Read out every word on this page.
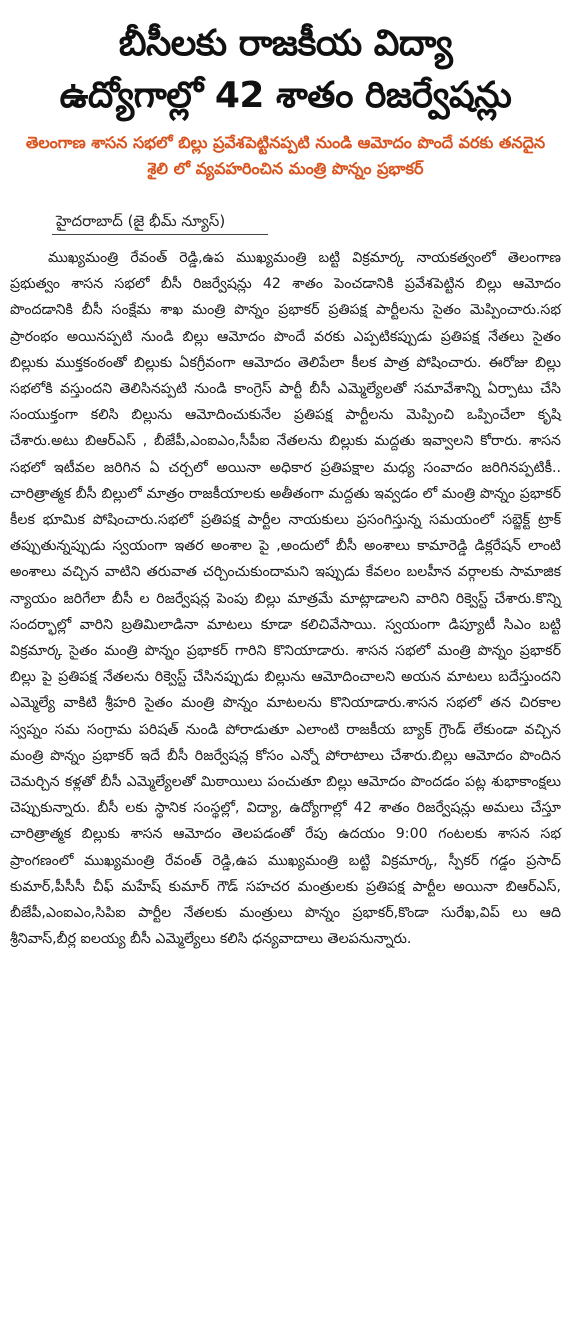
బీసీలకు రాజకీయ విద్యా
ఉద్యోగాల్లో 42 శాతం రిజర్వేషన్లు
తెలంగాణ శాసన సభలో బిల్లు ప్రవేశపెట్టినప్పటి నుండి ఆమోదం పొందే వరకు తనదైన శైలి లో వ్యవహరించిన మంత్రి పొన్నం ప్రభాకర్
హైదరాబాద్ (జై భీమ్ న్యూస్)

ముఖ్యమంత్రి రేవంత్ రెడ్డి,ఉప ముఖ్యమంత్రి బట్టి విక్రమార్క నాయకత్వంలో తెలంగాణ ప్రభుత్వం శాసన సభలో బీసీ రిజర్వేషన్లు 42 శాతం పెంచడానికి ప్రవేశపెట్టిన బిల్లు ఆమోదం పొందడానికి బీసీ సంక్షేమ శాఖ మంత్రి పొన్నం ప్రభాకర్ ప్రతిపక్ష పార్టీలను సైతం మెప్పించారు.సభ ప్రారంభం అయినప్పటి నుండి బిల్లు ఆమోదం పొందే వరకు ఎప్పటికప్పుడు ప్రతిపక్ష నేతలు సైతం బిల్లుకు ముక్తకంఠంతో బిల్లుకు ఏకగ్రీవంగా ఆమోదం తెలిపేలా కీలక పాత్ర పోషించారు. ఈరోజు బిల్లు సభలోకి వస్తుందని తెలిసినప్పటి నుండి కాంగ్రెస్ పార్టీ బీసీ ఎమ్మెల్యేలతో సమావేశాన్ని ఏర్పాటు చేసి సంయుక్తంగా కలిసి బిల్లును ఆమోదించుకునేల ప్రతిపక్ష పార్టీలను మెప్పించి ఒప్పించేలా కృషి చేశారు.అటు బిఆర్ఎస్ , బీజేపీ,ఎంఐఎం,సీపీఐ నేతలను బిల్లుకు మద్దతు ఇవ్వాలని కోరారు. శాసన సభలో ఇటీవల జరిగిన ఏ చర్చలో అయినా అధికార ప్రతిపక్షాల మధ్య సంవాదం జరిగినప్పటికీ.. చారిత్రాత్మక బీసీ బిల్లులో మాత్రం రాజకీయాలకు అతీతంగా మద్దతు ఇవ్వడం లో మంత్రి పొన్నం ప్రభాకర్ కీలక భూమిక పోషించారు.సభలో ప్రతిపక్ష పార్టీల నాయకులు ప్రసంగిస్తున్న సమయంలో సబ్జెక్ట్ ట్రాక్ తప్పుతున్నప్పుడు స్వయంగా ఇతర అంశాల పై ,అందులో బీసీ అంశాలు కామారెడ్డి డిక్లరేషన్ లాంటి అంశాలు వచ్చిన వాటిని తరువాత చర్చించుకుందామని ఇప్పుడు కేవలం బలహీన వర్గాలకు సామాజిక న్యాయం జరిగేలా బీసీ ల రిజర్వేషన్ల పెంపు బిల్లు మాత్రమే మాట్లాడాలని వారిని రిక్వెస్ట్ చేశారు.కొన్ని సందర్భాల్లో వారిని బ్రతిమిలాడినా మాటలు కూడా కలిచివేసాయి. స్వయంగా డిప్యూటీ సిఎం బట్టి విక్రమార్క సైతం మంత్రి పొన్నం ప్రభాకర్ గారిని కొనియాడారు. శాసన సభలో మంత్రి పొన్నం ప్రభాకర్ బిల్లు పై ప్రతిపక్ష నేతలను రిక్వెస్ట్ చేసినప్పుడు బిల్లును ఆమోదించాలని అయన మాటలు బదేస్తుందని ఎమ్మెల్యే వాకిటి శ్రీహరి సైతం మంత్రి పొన్నం మాటలను కొనియాడారు.శాసన సభలో తన చిరకాల స్వప్నం సమ సంగ్రామ పరిషత్ నుండి పోరాడుతూ ఎలాంటి రాజకీయ బ్యాక్ గ్రౌండ్ లేకుండా వచ్చిన మంత్రి పొన్నం ప్రభాకర్ ఇదే బీసీ రిజర్వేషన్ల కోసం ఎన్నో పోరాటాలు చేశారు.బిల్లు ఆమోదం పొందిన చెమర్చిన కళ్లతో బీసీ ఎమ్మెల్యేలతో మిఠాయిలు పంచుతూ బిల్లు ఆమోదం పొందడం పట్ల శుభాకాంక్షలు చెప్పుకున్నారు. బీసీ లకు స్థానిక సంస్థల్లో, విద్యా, ఉద్యోగాల్లో 42 శాతం రిజర్వేషన్లు అమలు చేస్తూ చారిత్రాత్మక బిల్లుకు శాసన ఆమోదం తెలపడంతో రేపు ఉదయం 9:00 గంటలకు శాసన సభ ప్రాంగణంలో ముఖ్యమంత్రి రేవంత్ రెడ్డి,ఉప ముఖ్యమంత్రి బట్టి విక్రమార్క, స్పీకర్ గడ్డం ప్రసాద్ కుమార్,పీసీసీ చీఫ్ మహేష్ కుమార్ గౌడ్ సహచర మంత్రులకు ప్రతిపక్ష పార్టీల అయినా బిఆర్ఎస్, బీజేపీ,ఎంఐఎం,సిపిఐ పార్టీల నేతలకు మంత్రులు పొన్నం ప్రభాకర్,కొండా సురేఖ,విప్ లు ఆది శ్రీనివాస్,బీర్ల ఐలయ్య బీసీ ఎమ్మెల్యేలు కలిసి ధన్యవాదాలు తెలపనున్నారు.
